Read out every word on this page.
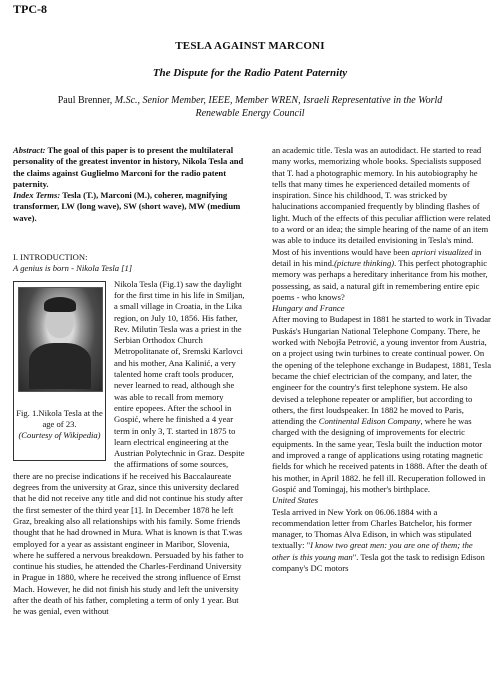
TPC-8
TESLA AGAINST MARCONI
The Dispute for the Radio Patent Paternity
Paul Brenner, M.Sc., Senior Member, IEEE, Member WREN, Israeli Representative in the World Renewable Energy Council

Abstract: The goal of this paper is to present the multilateral personality of the greatest inventor in history, Nikola Tesla and the claims against Guglielmo Marconi for the radio patent paternity.
Index Terms: Tesla (T.), Marconi (M.), coherer, magnifying transformer, LW (long wave), SW (short wave), MW (medium wave).

I. INTRODUCTION:

A genius is born - Nikola Tesla [1]

Fig. 1.Nikola Tesla at the age of 23.
(Courtesy of Wikipedia)

Nikola Tesla (Fig.1) saw the daylight for the first time in his life in Smiljan, a small village in Croatia, in the Lika region, on July 10, 1856. His father, Rev. Milutin Tesla was a priest in the Serbian Orthodox Church Metropolitanate of, Sremski Karlovci and his mother, Ana Kalinić, a very talented home craft tools producer, never learned to read, although she was able to recall from memory entire epopees. After the school in Gospić, where he finished a 4 year term in only 3, T. started in 1875 to learn electrical engineering at the Austrian Polytechnic in Graz. Despite the affirmations of some sources, there are no precise indications if he received his Baccalaureate degrees from the university at Graz, since this university declared that he did not receive any title and did not continue his study after the first semester of the third year [1]. In December 1878 he left Graz, breaking also all relationships with his family. Some friends thought that he had drowned in Mura. What is known is that T.was employed for a year as assistant engineer in Maribor, Slovenia, where he suffered a nervous breakdown. Persuaded by his father to continue his studies, he attended the Charles-Ferdinand University in Prague in 1880, where he received the strong influence of Ernst Mach. However, he did not finish his study and left the university after the death of his father, completing a term of only 1 year. But he was genial, even without

an academic title. Tesla was an autodidact. He started to read many works, memorizing whole books. Specialists supposed that T. had a photographic memory. In his autobiography he tells that many times he experienced detailed moments of inspiration. Since his childhood, T. was stricked by halucinations accompanied frequently by blinding flashes of light. Much of the effects of this peculiar affliction were related to a word or an idea; the simple hearing of the name of an item was able to induce its detailed envisioning in Tesla's mind. Most of his inventions would have been apriori visualized in detail in his mind.(picture thinking). This perfect photographic memory was perhaps a hereditary inheritance from his mother, possessing, as said, a natural gift in remembering entire epic poems - who knows?

Hungary and France

After moving to Budapest in 1881 he started to work in Tivadar Puskás's Hungarian National Telephone Company. There, he worked with Nebojša Petrović, a young inventor from Austria, on a project using twin turbines to create continual power. On the opening of the telephone exchange in Budapest, 1881, Tesla became the chief electrician of the company, and later, the engineer for the country's first telephone system. He also devised a telephone repeater or amplifier, but according to others, the first loudspeaker. In 1882 he moved to Paris, attending the Continental Edison Company, where he was charged with the designing of improvements for electric equipments. In the same year, Tesla built the induction motor and improved a range of applications using rotating magnetic fields for which he received patents in 1888. After the death of his mother, in April 1882. he fell ill. Recuperation followed in Gospić and Tomingaj, his mother's birthplace.

United States

Tesla arrived in New York on 06.06.1884 with a recommendation letter from Charles Batchelor, his former manager, to Thomas Alva Edison, in which was stipulated textually: "I know two great men: you are one of them; the other is this young man". Tesla got the task to redisign Edison company's DC motors
